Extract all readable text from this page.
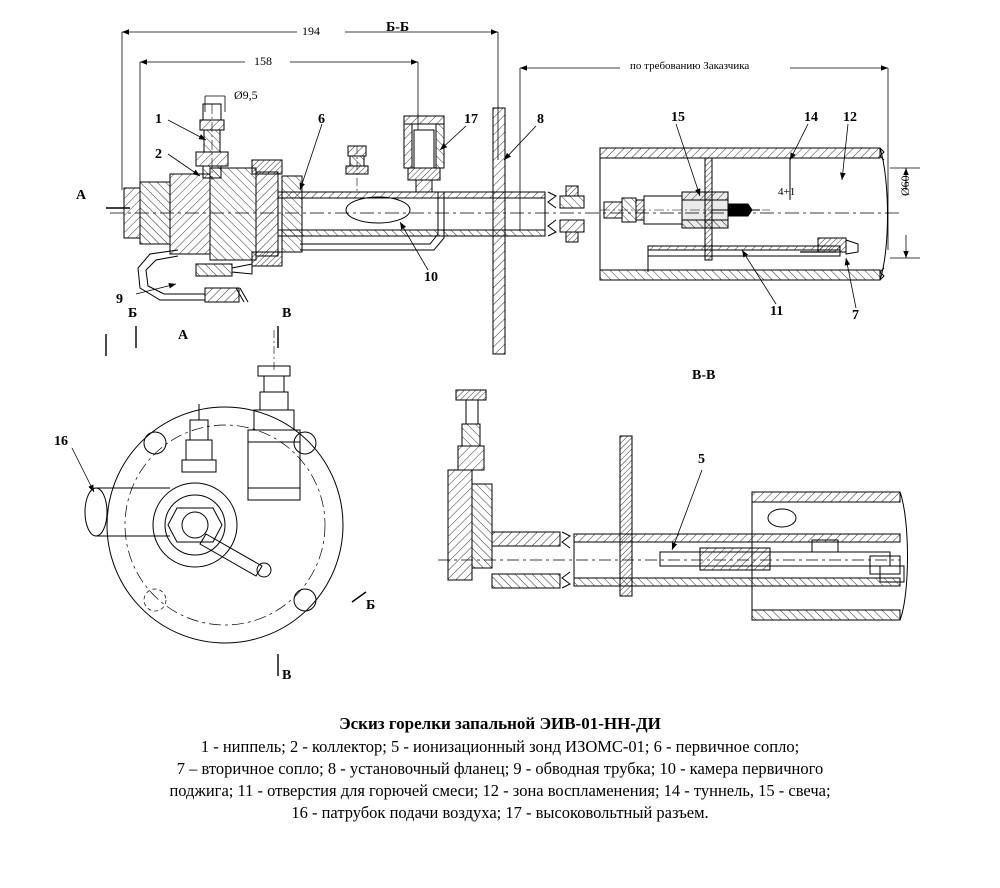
Б-Б
В-В
194
158
Ø9,5
Ø60
4+1
по требованию Заказчика
А
А
Б	В
Б
В
1
2
6	17	8	15	14 12
10
9
11	7
16
5
Эскиз горелки запальной ЭИВ-01-НН-ДИ
1 - ниппель; 2 - коллектор; 5 - ионизационный зонд ИЗОМС-01; 6 - первичное сопло;
7 – вторичное сопло; 8 - установочный фланец; 9 - обводная трубка; 10 - камера первичного
поджига; 11 - отверстия для горючей смеси; 12 - зона воспламенения; 14 - туннель, 15 - свеча;
16 - патрубок подачи воздуха; 17 - высоковольтный разъем.
